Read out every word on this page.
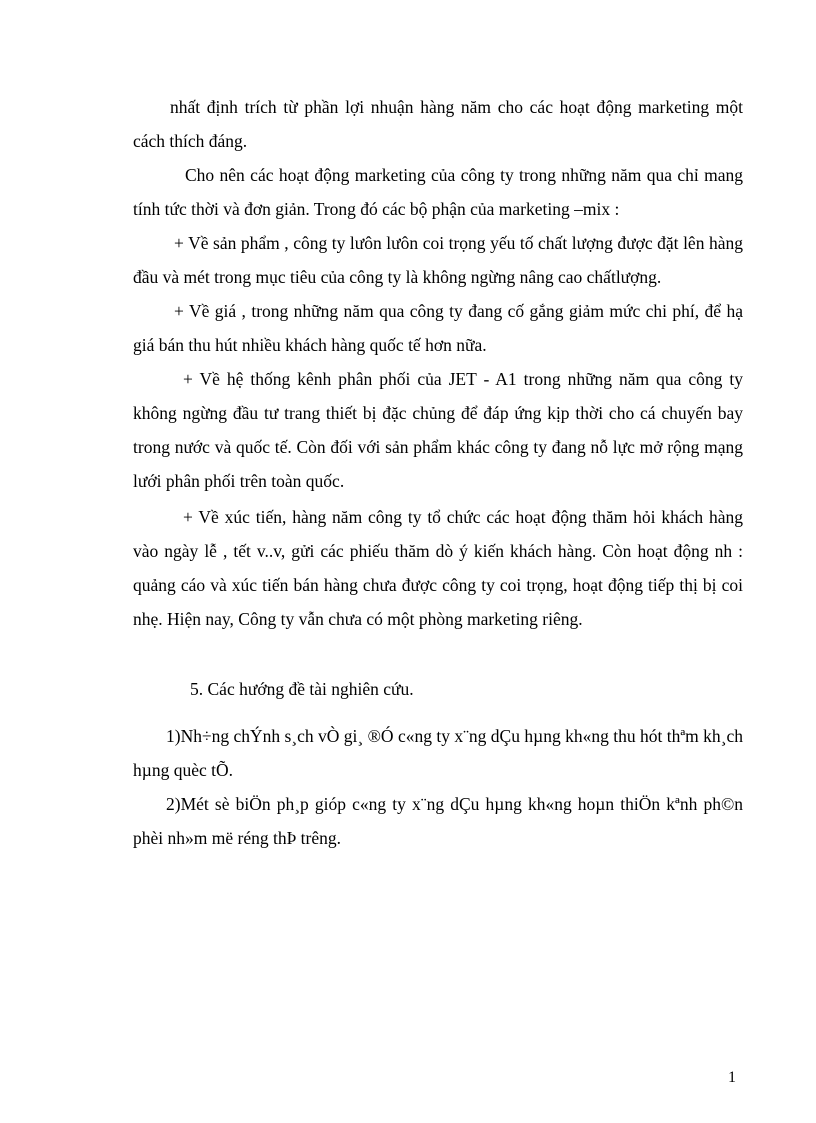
nhất định trích từ phần lợi nhuận hàng năm cho các hoạt động marketing một cách thích đáng.

Cho nên các hoạt động marketing của công ty trong những năm qua chỉ mang tính tức thời và đơn giản. Trong đó các bộ phận của marketing –mix :

+ Về sản phẩm , công ty lưôn lưôn coi trọng yếu tố chất lượng được đặt lên hàng đầu và mét trong mục tiêu của công ty là không ngừng nâng cao chấtlượng.

+ Về giá , trong những năm qua công ty đang cố gắng giảm mức chi phí, để hạ giá bán thu hút nhiều khách hàng quốc tế hơn nữa.

+ Về hệ thống kênh phân phối của JET - A1 trong những năm qua công ty không ngừng đầu tư trang thiết bị đặc chủng để đáp ứng kịp thời cho cá chuyến bay trong nước và quốc tế. Còn đối với sản phẩm khác công ty đang nỗ lực mở rộng mạng lưới phân phối trên toàn quốc.

+ Về xúc tiến, hàng năm công ty tổ chức các hoạt động thăm hỏi khách hàng vào ngày lễ , tết v..v, gửi các phiếu thăm dò ý kiến khách hàng. Còn hoạt động nh : quảng cáo và xúc tiến bán hàng chưa được công ty coi trọng, hoạt động tiếp thị bị coi nhẹ. Hiện nay, Công ty vẫn chưa có một phòng marketing riêng.

5. Các hướng đề tài nghiên cứu.

1)Nh÷ng chÝnh s¸ch vÒ gi¸ ®Ó c«ng ty x¨ng dÇu hµng kh«ng thu hót thªm kh¸ch hµng quèc tÕ.

2)Mét sè biÖn ph¸p gióp c«ng ty x¨ng dÇu hµng kh«ng hoµn thiÖn kªnh ph©n phèi nh»m më réng thÞ trêng.

1
